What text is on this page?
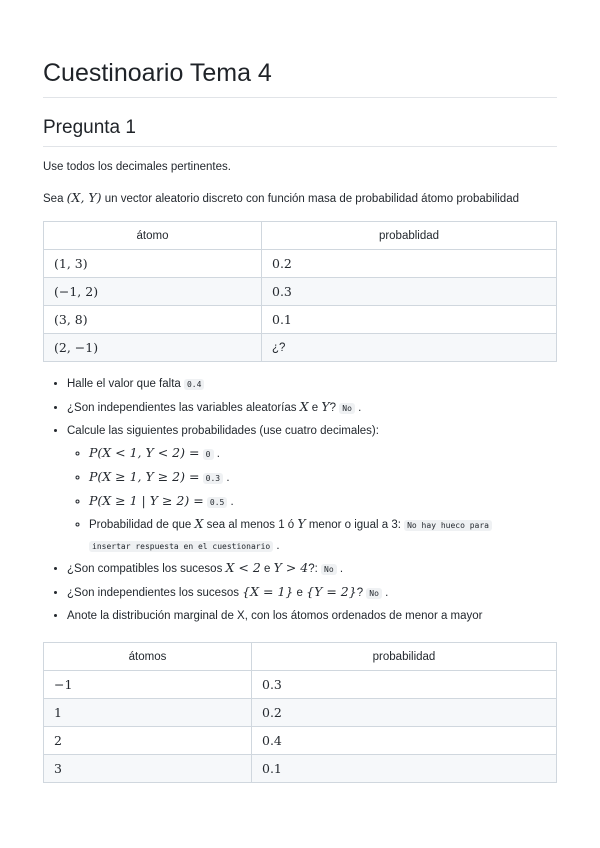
Cuestinoario Tema 4
Pregunta 1

Use todos los decimales pertinentes.

Sea (X, Y) un vector aleatorio discreto con función masa de probabilidad átomo probabilidad

átomo	probablidad
(1, 3)	0.2
(−1, 2)	0.3
(3, 8)	0.1
(2, −1)	¿?
• Halle el valor que falta 0.4
• ¿Son independientes las variables aleatorías X e Y? No .
• Calcule las siguientes probabilidades (use cuatro decimales):
◦ P(X < 1, Y < 2) = 0 .
◦ P(X ≥ 1, Y ≥ 2) = 0.3 .
◦ P(X ≥ 1 | Y ≥ 2) = 0.5 .
◦ Probabilidad de que X sea al menos 1 ó Y menor o igual a 3: No hay hueco para
insertar respuesta en el cuestionario .
• ¿Son compatibles los sucesos X < 2 e Y > 4?: No .
• ¿Son independientes los sucesos {X = 1} e {Y = 2}? No .
• Anote la distribución marginal de X, con los átomos ordenados de menor a mayor
átomos	probabilidad
−1	0.3
1	0.2
2	0.4
3	0.1
